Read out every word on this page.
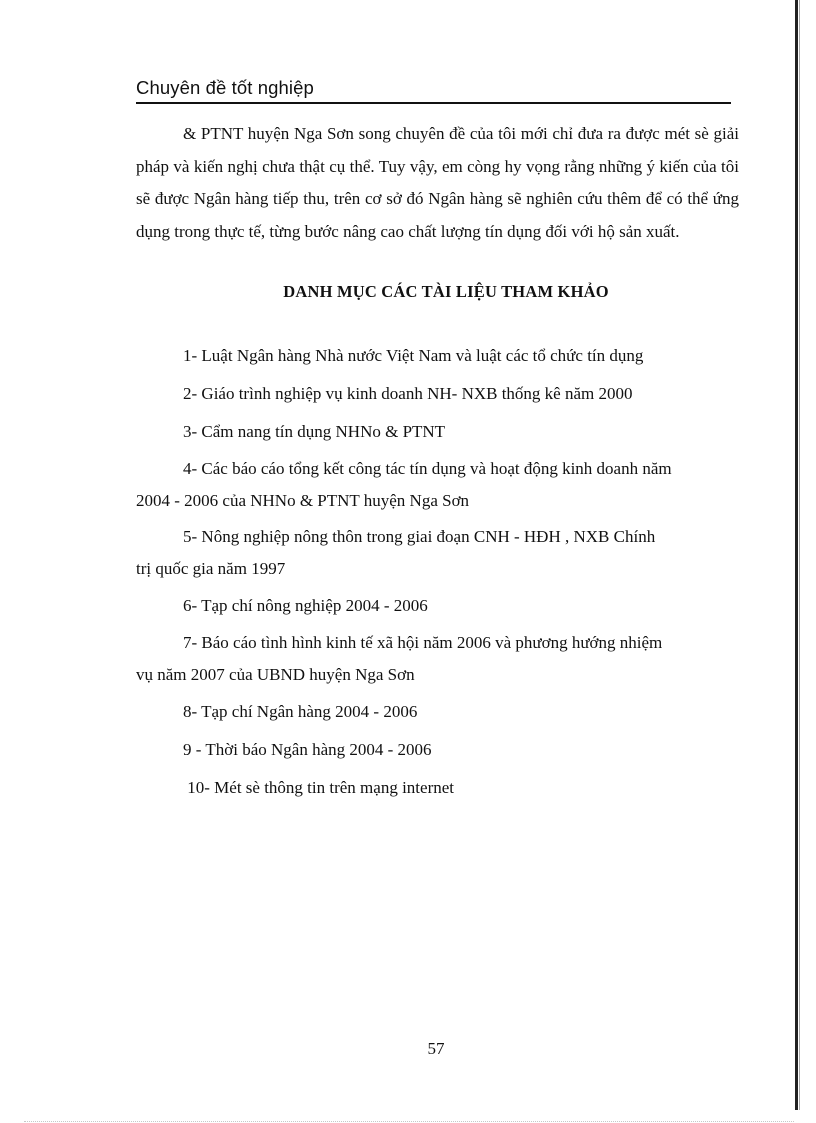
Chuyên đề tốt nghiệp
& PTNT huyện Nga Sơn song chuyên đề của tôi mới chỉ đưa ra được mét sè giải pháp và kiến nghị chưa thật cụ thể. Tuy vậy, em còng hy vọng rằng những ý kiến của tôi sẽ được Ngân hàng tiếp thu, trên cơ sở đó Ngân hàng sẽ nghiên cứu thêm để có thể ứng dụng trong thực tế, từng bước nâng cao chất lượng tín dụng đối với hộ sản xuất.
DANH MỤC CÁC TÀI LIỆU THAM KHẢO
1- Luật Ngân hàng Nhà nước Việt Nam và luật các tổ chức tín dụng
2- Giáo trình nghiệp vụ kinh doanh NH- NXB thống kê năm 2000
3- Cẩm nang tín dụng NHNo & PTNT
4- Các báo cáo tổng kết công tác tín dụng và hoạt động kinh doanh năm
2004 - 2006 của NHNo & PTNT huyện Nga Sơn
5- Nông nghiệp nông thôn trong giai đoạn CNH - HĐH , NXB Chính
trị quốc gia năm 1997
6- Tạp chí nông nghiệp 2004 - 2006
7- Báo cáo tình hình kinh tế xã hội năm 2006 và phương hướng nhiệm
vụ năm 2007 của UBND huyện Nga Sơn
8- Tạp chí Ngân hàng 2004 - 2006
9 - Thời báo Ngân hàng 2004 - 2006
10- Mét sè thông tin trên mạng internet
57
